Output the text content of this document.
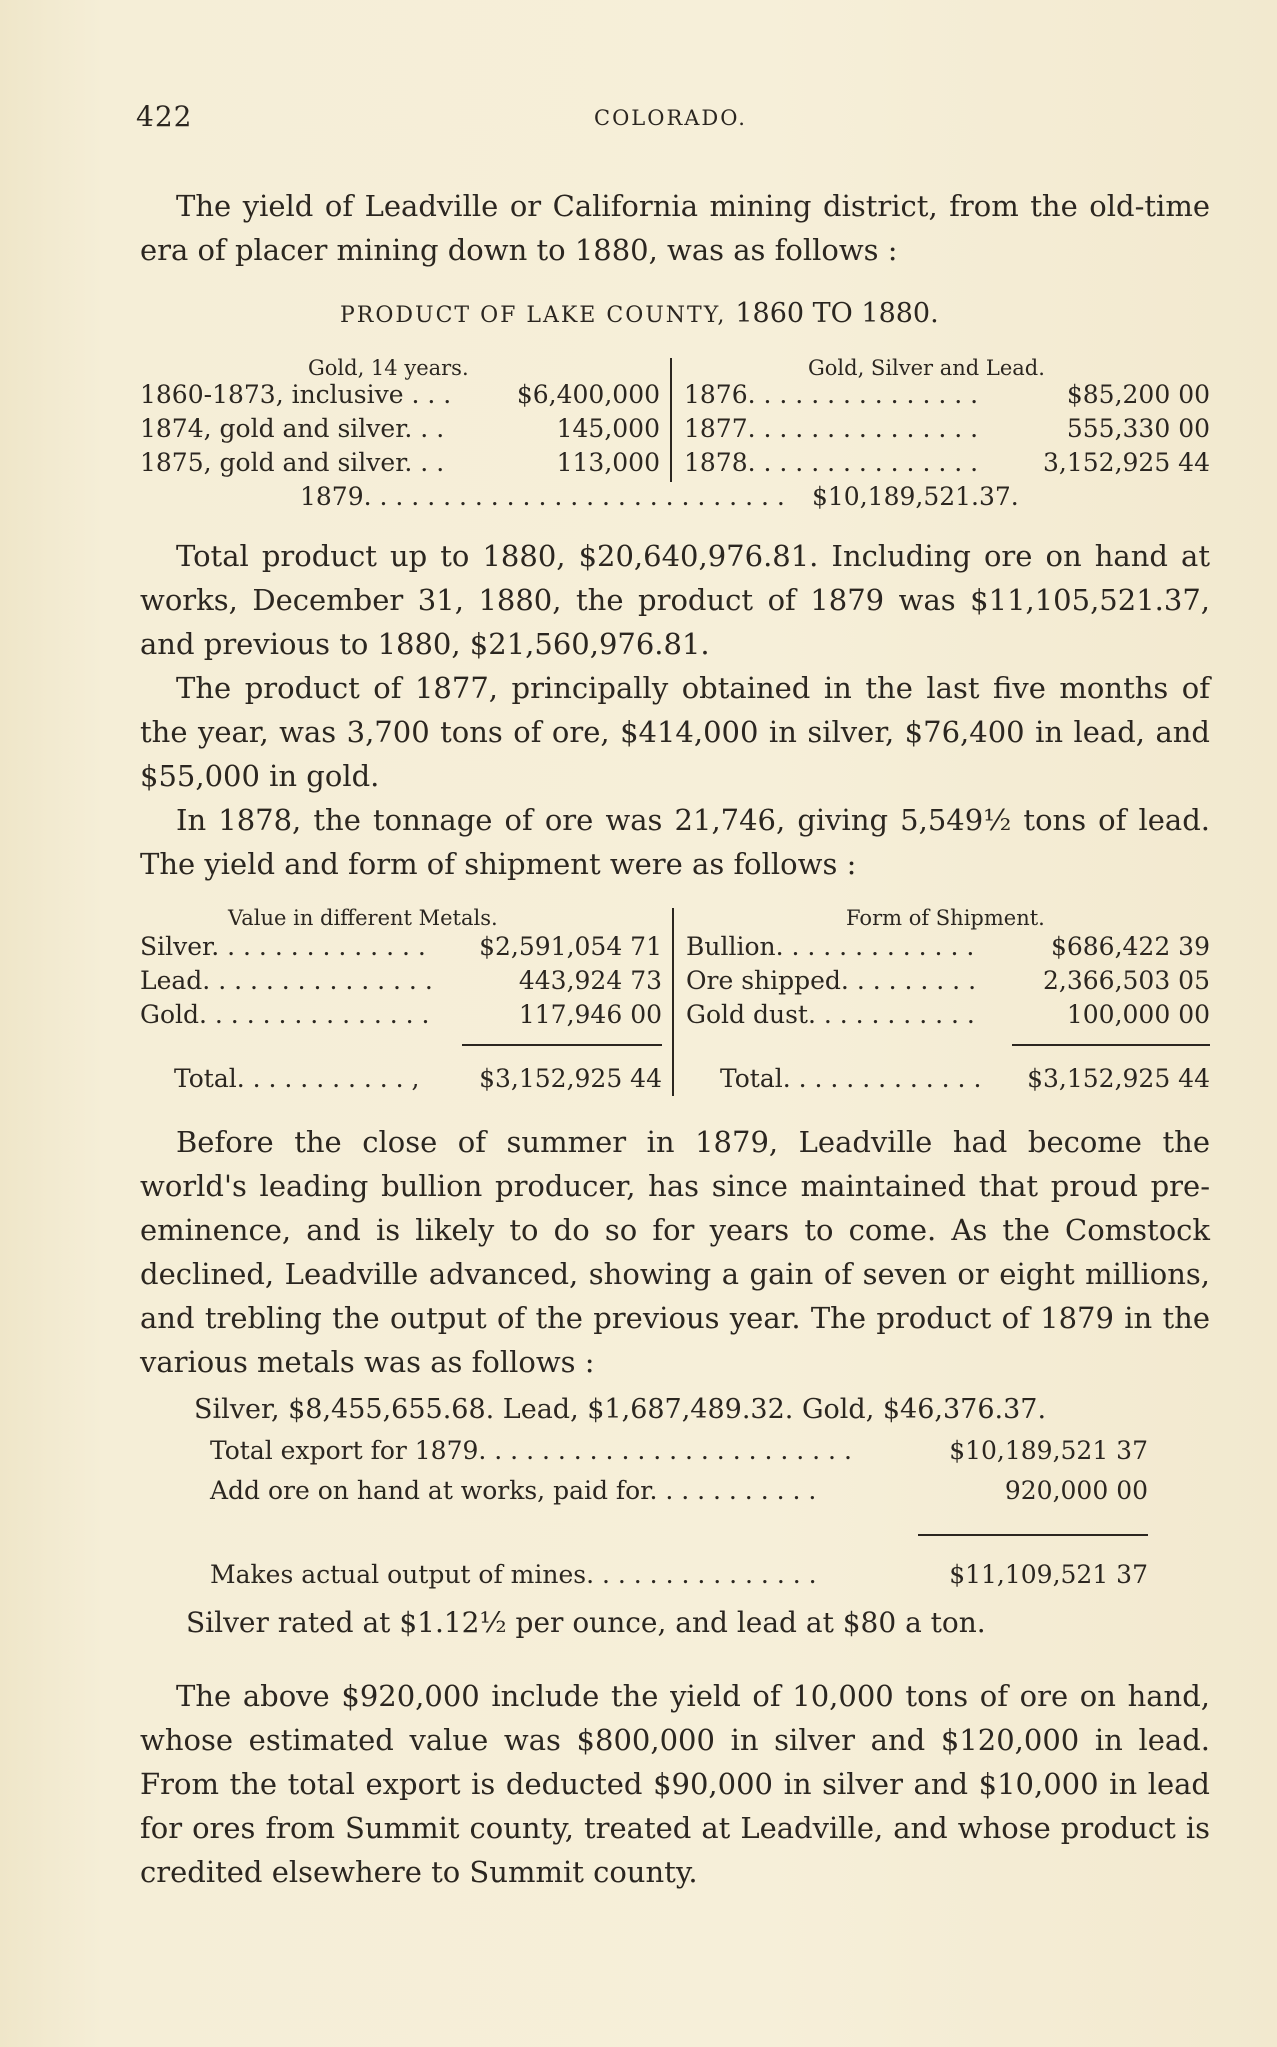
422	COLORADO.

The yield of Leadville or California mining district, from the old-time era of placer mining down to 1880, was as follows :

PRODUCT OF LAKE COUNTY, 1860 TO 1880.
Gold, 14 years.	Gold, Silver and Lead.
1860-1873, inclusive . . .	$6,400,000
1874, gold and silver. . .	145,000
1875, gold and silver. . .	113,000
1876. . . . . . . . . . . . . . .	$85,200 00
1877. . . . . . . . . . . . . . .	555,330 00
1878. . . . . . . . . . . . . . .	3,152,925 44
1879. . . . . . . . . . . . . . . . . . . . . . . . . . . $10,189,521.37.

Total product up to 1880, $20,640,976.81. Including ore on hand at works, December 31, 1880, the product of 1879 was $11,105,521.37, and previous to 1880, $21,560,976.81.

The product of 1877, principally obtained in the last five months of the year, was 3,700 tons of ore, $414,000 in silver, $76,400 in lead, and $55,000 in gold.

In 1878, the tonnage of ore was 21,746, giving 5,549½ tons of lead. The yield and form of shipment were as follows :

Value in different Metals.	Form of Shipment.
Silver. . . . . . . . . . . . . . $2,591,054 71
Lead. . . . . . . . . . . . . . .	443,924 73
Gold. . . . . . . . . . . . . . .	117,946 00
Total. . . . . . . . . . . , $3,152,925 44
Bullion. . . . . . . . . . . . .	$686,422 39
Ore shipped. . . . . . . . .	2,366,503 05
Gold dust. . . . . . . . . . .	100,000 00
Total. . . . . . . . . . . . . $3,152,925 44

Before the close of summer in 1879, Leadville had become the world's leading bullion producer, has since maintained that proud pre-eminence, and is likely to do so for years to come. As the Comstock declined, Leadville advanced, showing a gain of seven or eight millions, and trebling the output of the previous year. The product of 1879 in the various metals was as follows :

Silver, $8,455,655.68. Lead, $1,687,489.32. Gold, $46,376.37.
Total export for 1879. . . . . . . . . . . . . . . . . . . . . . . .	$10,189,521 37
Add ore on hand at works, paid for. . . . . . . . . . .	920,000 00
Makes actual output of mines. . . . . . . . . . . . . . .	$11,109,521 37
Silver rated at $1.12½ per ounce, and lead at $80 a ton.

The above $920,000 include the yield of 10,000 tons of ore on hand, whose estimated value was $800,000 in silver and $120,000 in lead. From the total export is deducted $90,000 in silver and $10,000 in lead for ores from Summit county, treated at Leadville, and whose product is credited elsewhere to Summit county.
